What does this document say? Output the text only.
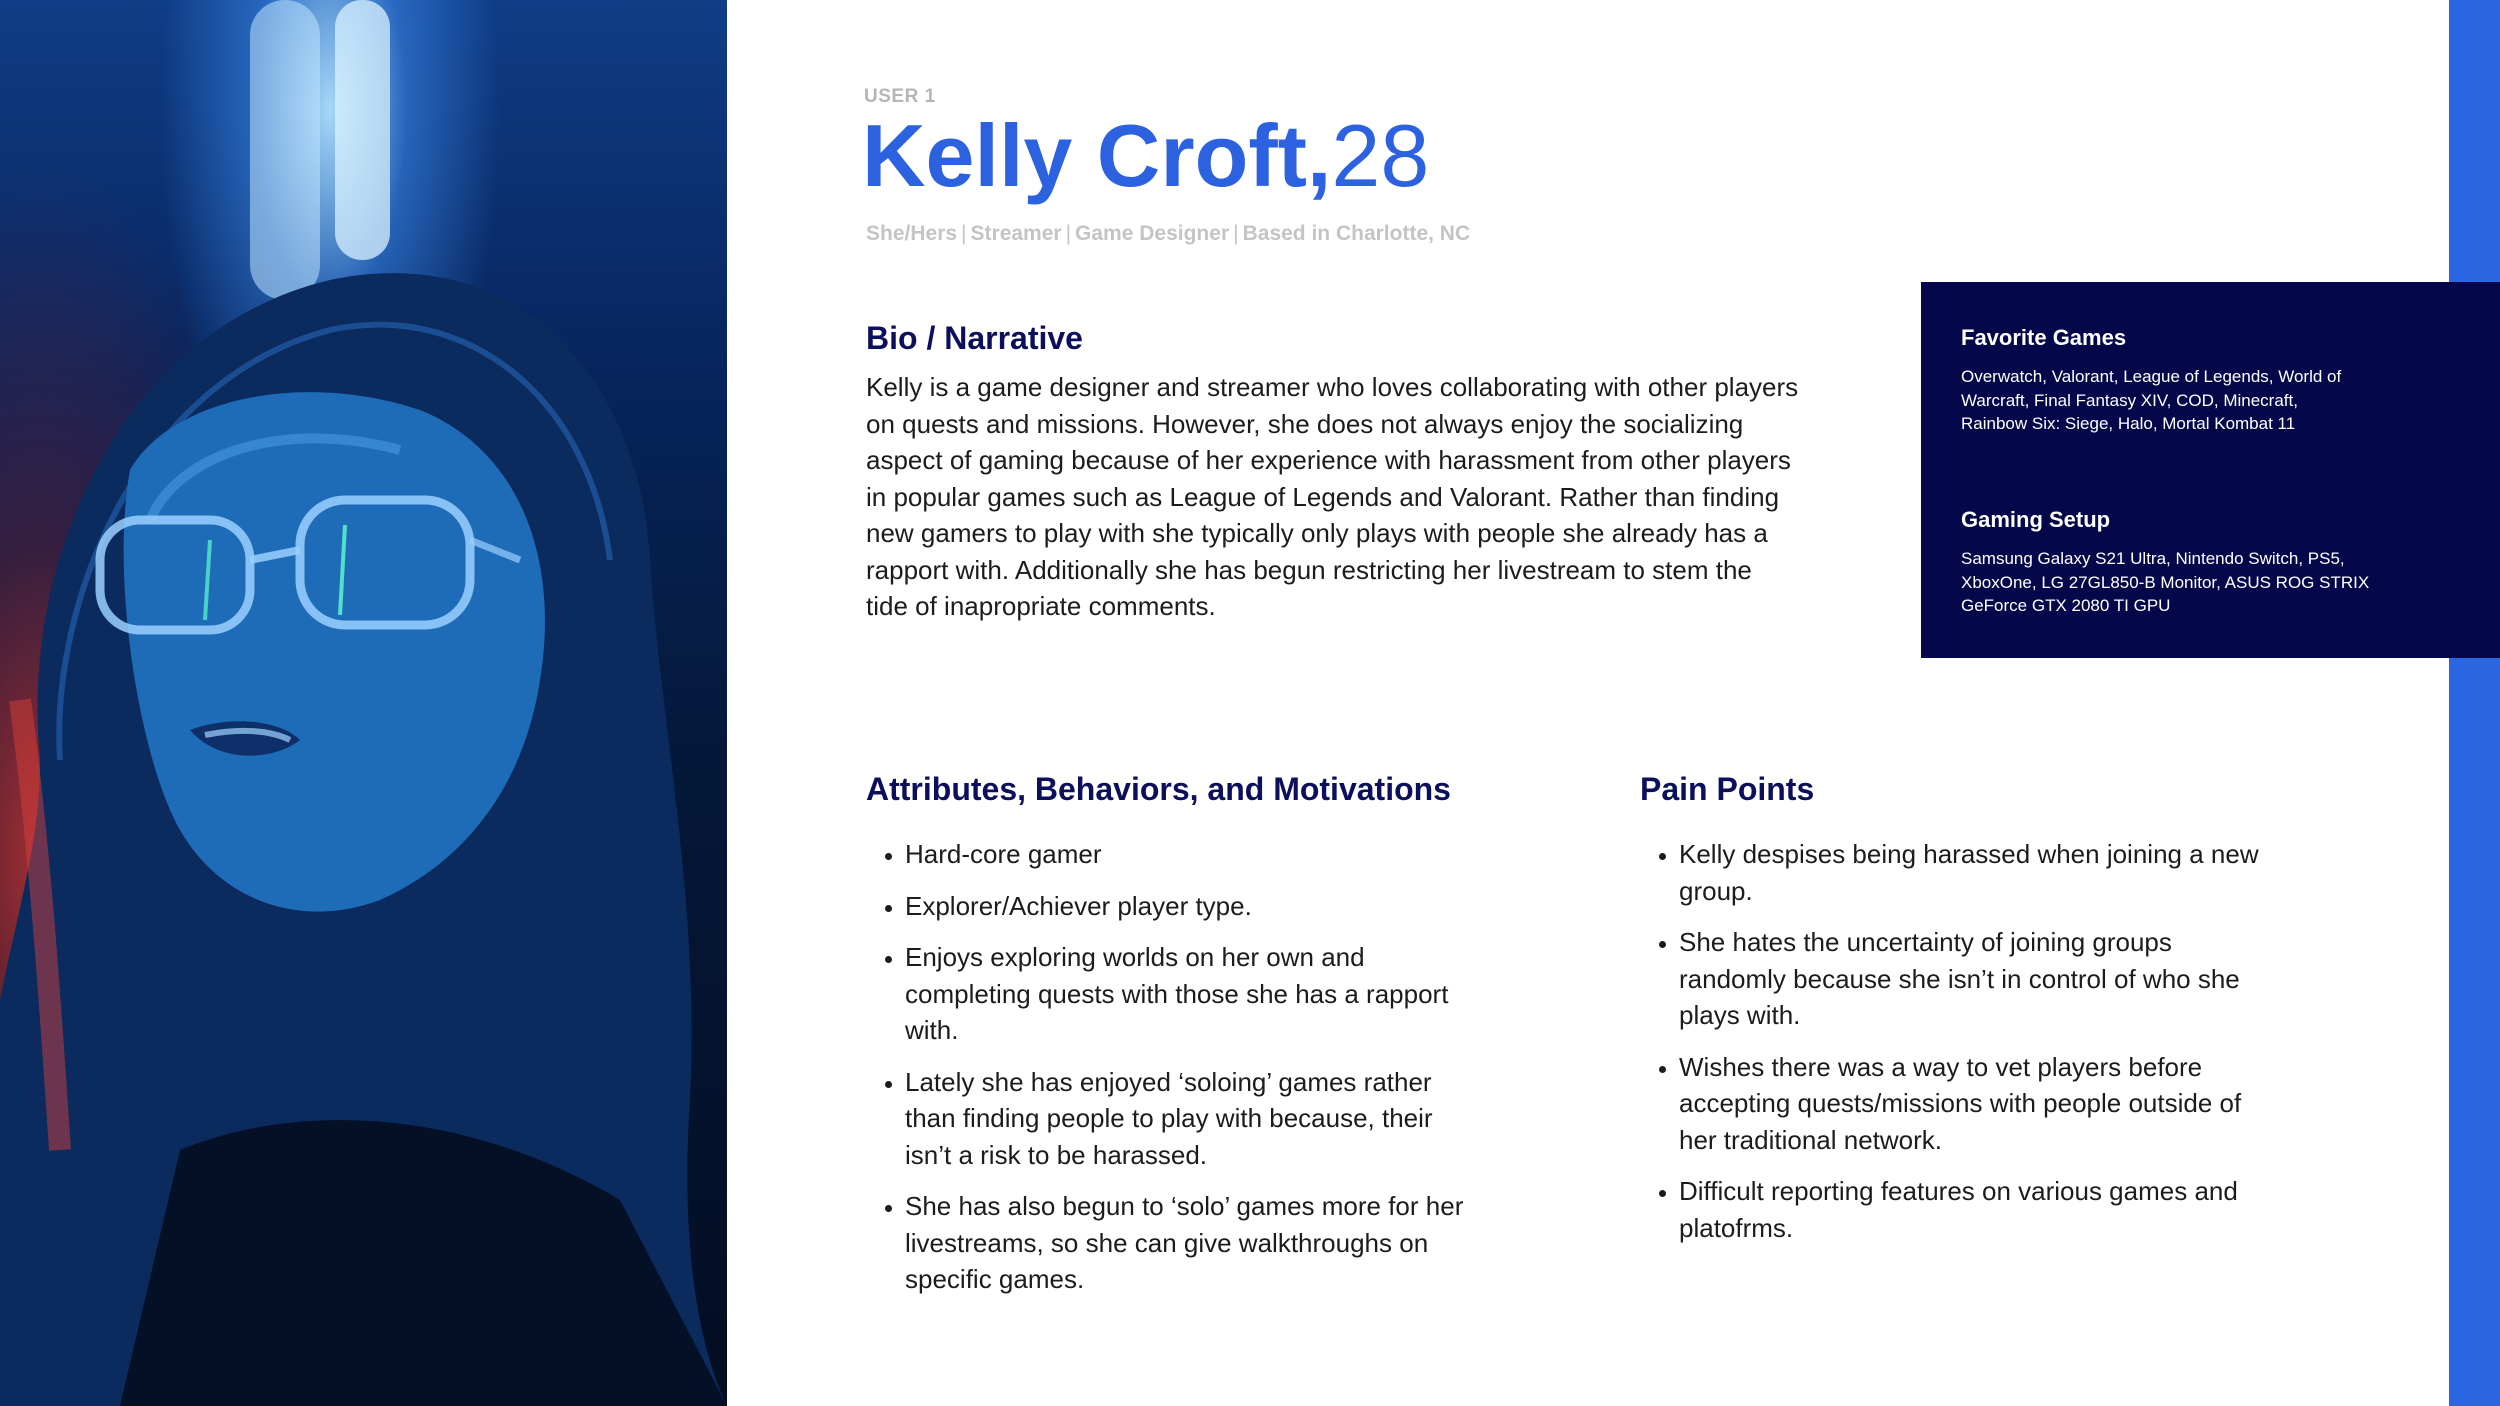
USER 1
Kelly Croft,28
She/Hers | Streamer | Game Designer | Based in Charlotte, NC
Bio / Narrative
Kelly is a game designer and streamer who loves collaborating with other players on quests and missions. However, she does not always enjoy the socializing aspect of gaming because of her experience with harassment from other players in popular games such as League of Legends and Valorant. Rather than finding new gamers to play with she typically only plays with people she already has a rapport with. Additionally she has begun restricting her livestream to stem the tide of inapropriate comments.
Favorite Games

Overwatch, Valorant, League of Legends, World of Warcraft, Final Fantasy XIV, COD, Minecraft, Rainbow Six: Siege, Halo, Mortal Kombat 11

Gaming Setup

Samsung Galaxy S21 Ultra, Nintendo Switch, PS5, XboxOne, LG 27GL850-B Monitor, ASUS ROG STRIX GeForce GTX 2080 TI GPU

Attributes, Behaviors, and Motivations
• Hard-core gamer
• Explorer/Achiever player type.
• Enjoys exploring worlds on her own and completing quests with those she has a rapport with.
• Lately she has enjoyed ‘soloing’ games rather than finding people to play with because, their isn’t a risk to be harassed.
• She has also begun to ‘solo’ games more for her livestreams, so she can give walkthroughs on specific games.
Pain Points
• Kelly despises being harassed when joining a new group.
• She hates the uncertainty of joining groups randomly because she isn’t in control of who she plays with.
• Wishes there was a way to vet players before accepting quests/missions with people outside of her traditional network.
• Difficult reporting features on various games and platofrms.
